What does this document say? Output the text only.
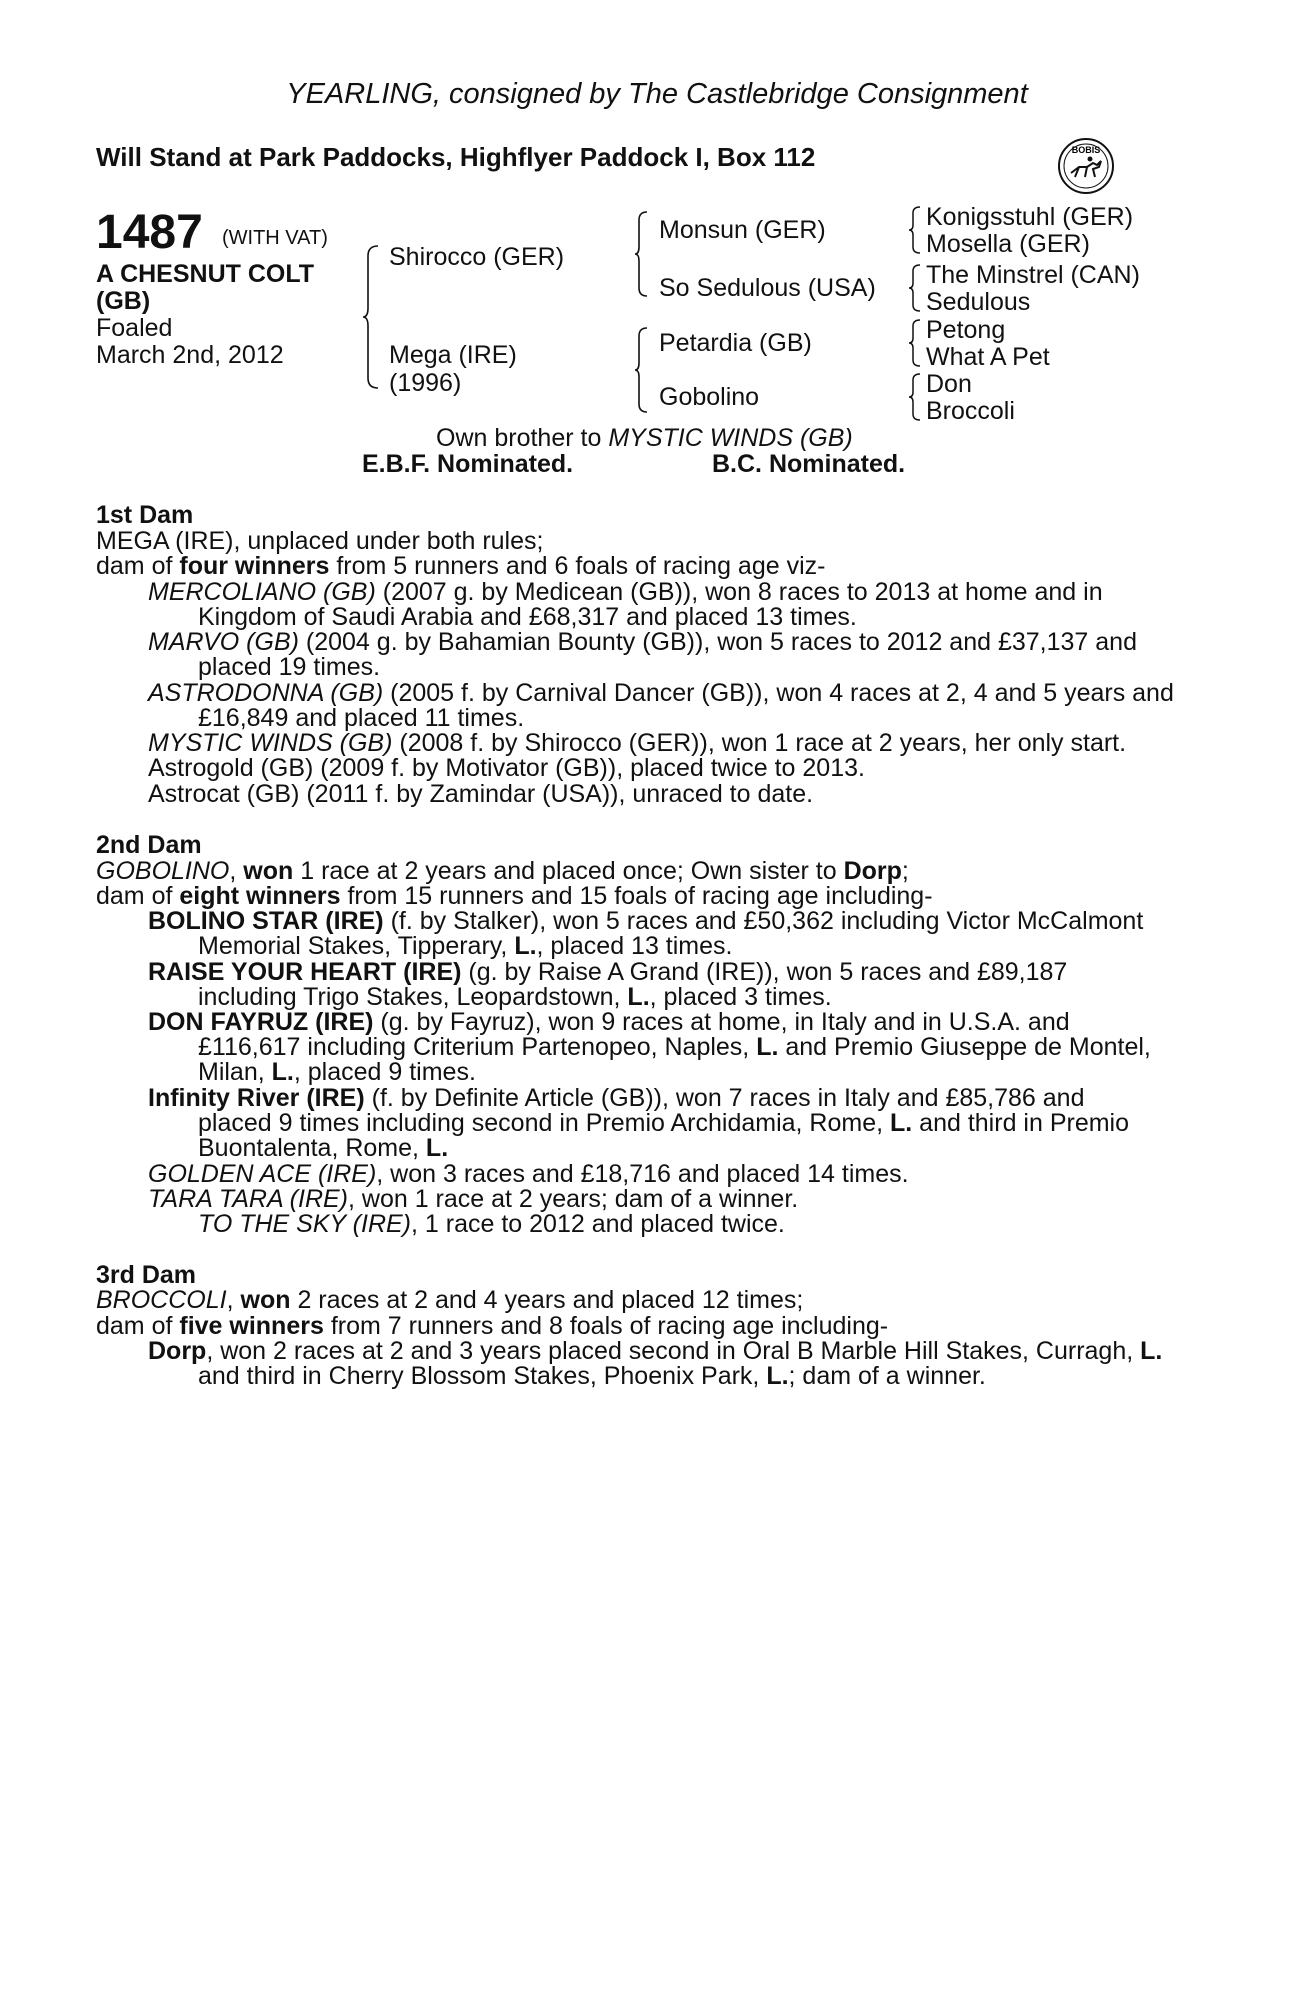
YEARLING, consigned by The Castlebridge Consignment
Will Stand at Park Paddocks, Highflyer Paddock I, Box 112	BOBIS
1487 (WITH VAT)
A CHESNUT COLT
(GB)
Foaled
March 2nd, 2012
Shirocco (GER)
Mega (IRE)
(1996)
Monsun (GER)
So Sedulous (USA)
Petardia (GB)
Gobolino
Konigsstuhl (GER)
Mosella (GER)
The Minstrel (CAN)
Sedulous
Petong
What A Pet
Don
Broccoli
Own brother to MYSTIC WINDS (GB)
E.B.F. Nominated.	B.C. Nominated.
1st Dam
MEGA (IRE), unplaced under both rules;
dam of four winners from 5 runners and 6 foals of racing age viz-
MERCOLIANO (GB) (2007 g. by Medicean (GB)), won 8 races to 2013 at home and in
Kingdom of Saudi Arabia and £68,317 and placed 13 times.
MARVO (GB) (2004 g. by Bahamian Bounty (GB)), won 5 races to 2012 and £37,137 and
placed 19 times.
ASTRODONNA (GB) (2005 f. by Carnival Dancer (GB)), won 4 races at 2, 4 and 5 years and
£16,849 and placed 11 times.
MYSTIC WINDS (GB) (2008 f. by Shirocco (GER)), won 1 race at 2 years, her only start.
Astrogold (GB) (2009 f. by Motivator (GB)), placed twice to 2013.
Astrocat (GB) (2011 f. by Zamindar (USA)), unraced to date.
2nd Dam
GOBOLINO, won 1 race at 2 years and placed once; Own sister to Dorp;
dam of eight winners from 15 runners and 15 foals of racing age including-
BOLINO STAR (IRE) (f. by Stalker), won 5 races and £50,362 including Victor McCalmont
Memorial Stakes, Tipperary, L., placed 13 times.
RAISE YOUR HEART (IRE) (g. by Raise A Grand (IRE)), won 5 races and £89,187
including Trigo Stakes, Leopardstown, L., placed 3 times.
DON FAYRUZ (IRE) (g. by Fayruz), won 9 races at home, in Italy and in U.S.A. and
£116,617 including Criterium Partenopeo, Naples, L. and Premio Giuseppe de Montel,
Milan, L., placed 9 times.
Infinity River (IRE) (f. by Definite Article (GB)), won 7 races in Italy and £85,786 and
placed 9 times including second in Premio Archidamia, Rome, L. and third in Premio
Buontalenta, Rome, L.
GOLDEN ACE (IRE), won 3 races and £18,716 and placed 14 times.
TARA TARA (IRE), won 1 race at 2 years; dam of a winner.
TO THE SKY (IRE), 1 race to 2012 and placed twice.
3rd Dam
BROCCOLI, won 2 races at 2 and 4 years and placed 12 times;
dam of five winners from 7 runners and 8 foals of racing age including-
Dorp, won 2 races at 2 and 3 years placed second in Oral B Marble Hill Stakes, Curragh, L.
and third in Cherry Blossom Stakes, Phoenix Park, L.; dam of a winner.
